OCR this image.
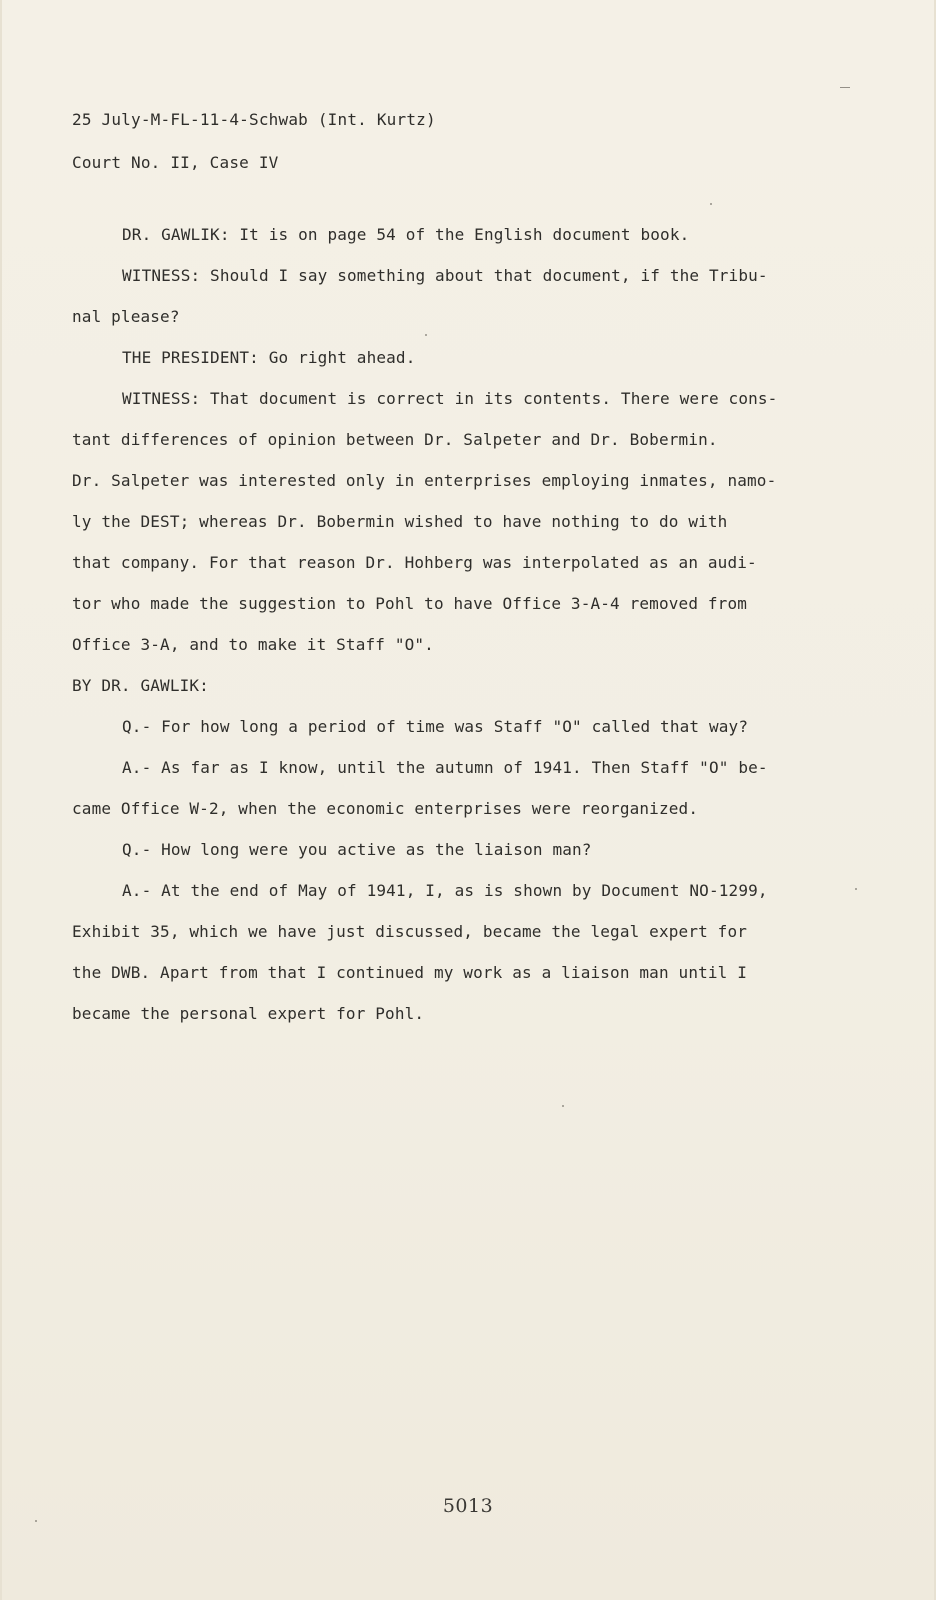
25 July-M-FL-11-4-Schwab (Int. Kurtz)
Court No. II, Case IV
DR. GAWLIK: It is on page 54 of the English document book.
WITNESS: Should I say something about that document, if the Tribu-
nal please?
THE PRESIDENT: Go right ahead.
WITNESS: That document is correct in its contents. There were cons-
tant differences of opinion between Dr. Salpeter and Dr. Bobermin.
Dr. Salpeter was interested only in enterprises employing inmates, namo-
ly the DEST; whereas Dr. Bobermin wished to have nothing to do with
that company. For that reason Dr. Hohberg was interpolated as an audi-
tor who made the suggestion to Pohl to have Office 3-A-4 removed from
Office 3-A, and to make it Staff "O".
BY DR. GAWLIK:
Q.- For how long a period of time was Staff "O" called that way?
A.- As far as I know, until the autumn of 1941. Then Staff "O" be-
came Office W-2, when the economic enterprises were reorganized.
Q.- How long were you active as the liaison man?
A.- At the end of May of 1941, I, as is shown by Document NO-1299,
Exhibit 35, which we have just discussed, became the legal expert for
the DWB. Apart from that I continued my work as a liaison man until I
became the personal expert for Pohl.
5013
